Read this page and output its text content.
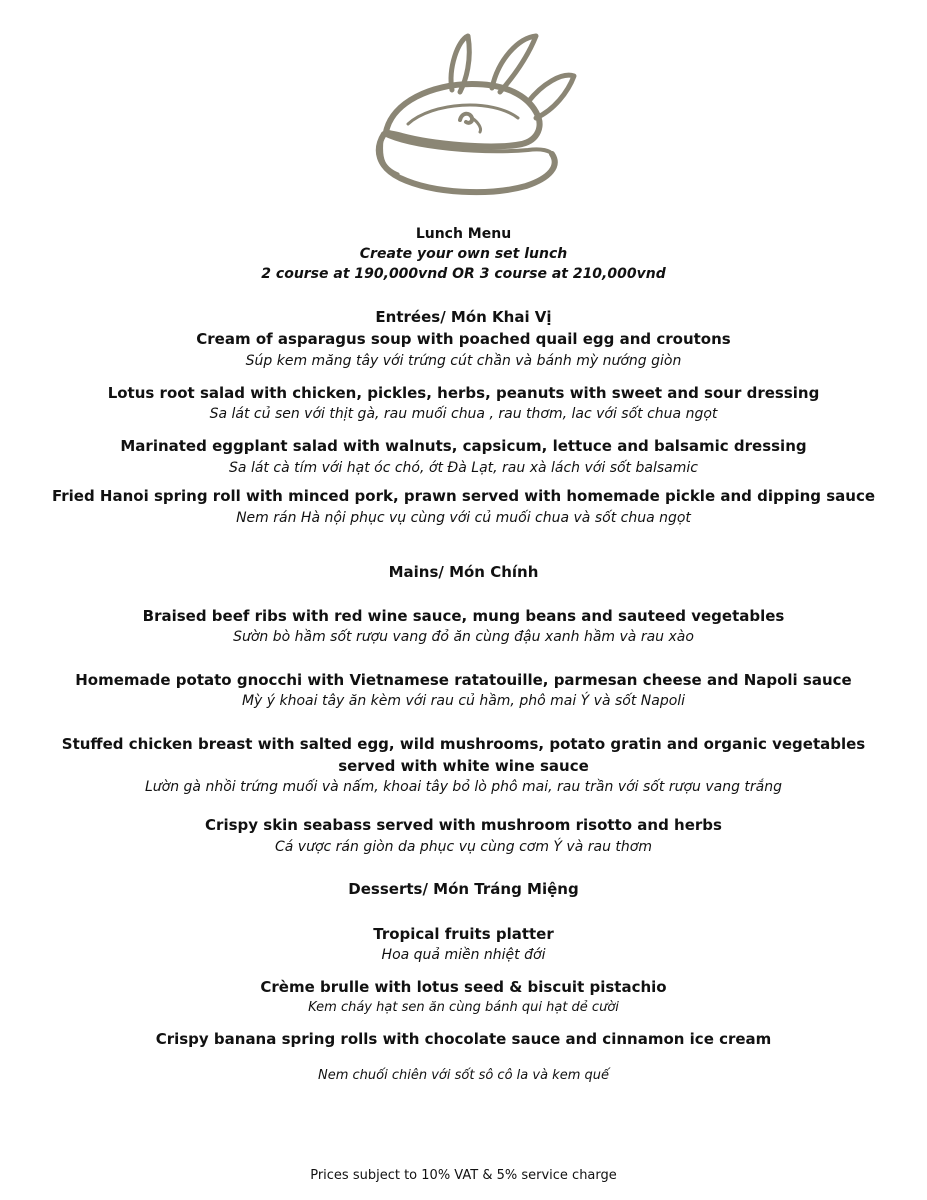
Lunch Menu
Create your own set lunch
2 course at 190,000vnd OR 3 course at 210,000vnd
Entrées/ Món Khai Vị
Cream of asparagus soup with poached quail egg and croutons
Súp kem măng tây với trứng cút chần và bánh mỳ nướng giòn
Lotus root salad with chicken, pickles, herbs, peanuts with sweet and sour dressing
Sa lát củ sen với thịt gà, rau muối chua , rau thơm, lac với sốt chua ngọt
Marinated eggplant salad with walnuts, capsicum, lettuce and balsamic dressing
Sa lát cà tím với hạt óc chó, ớt Đà Lạt, rau xà lách với sốt balsamic
Fried Hanoi spring roll with minced pork, prawn served with homemade pickle and dipping sauce
Nem rán Hà nội phục vụ cùng với củ muối chua và sốt chua ngọt
Mains/ Món Chính
Braised beef ribs with red wine sauce, mung beans and sauteed vegetables
Sườn bò hầm sốt rượu vang đỏ ăn cùng đậu xanh hầm và rau xào
Homemade potato gnocchi with Vietnamese ratatouille, parmesan cheese and Napoli sauce
Mỳ ý khoai tây ăn kèm với rau củ hầm, phô mai Ý và sốt Napoli
Stuffed chicken breast with salted egg, wild mushrooms, potato gratin and organic vegetables
served with white wine sauce
Lườn gà nhồi trứng muối và nấm, khoai tây bỏ lò phô mai, rau trần với sốt rượu vang trắng
Crispy skin seabass served with mushroom risotto and herbs
Cá vược rán giòn da phục vụ cùng cơm Ý và rau thơm
Desserts/ Món Tráng Miệng
Tropical fruits platter
Hoa quả miền nhiệt đới
Crème brulle with lotus seed & biscuit pistachio
Kem cháy hạt sen ăn cùng bánh qui hạt dẻ cười
Crispy banana spring rolls with chocolate sauce and cinnamon ice cream
Nem chuối chiên với sốt sô cô la và kem quế
Prices subject to 10% VAT & 5% service charge
